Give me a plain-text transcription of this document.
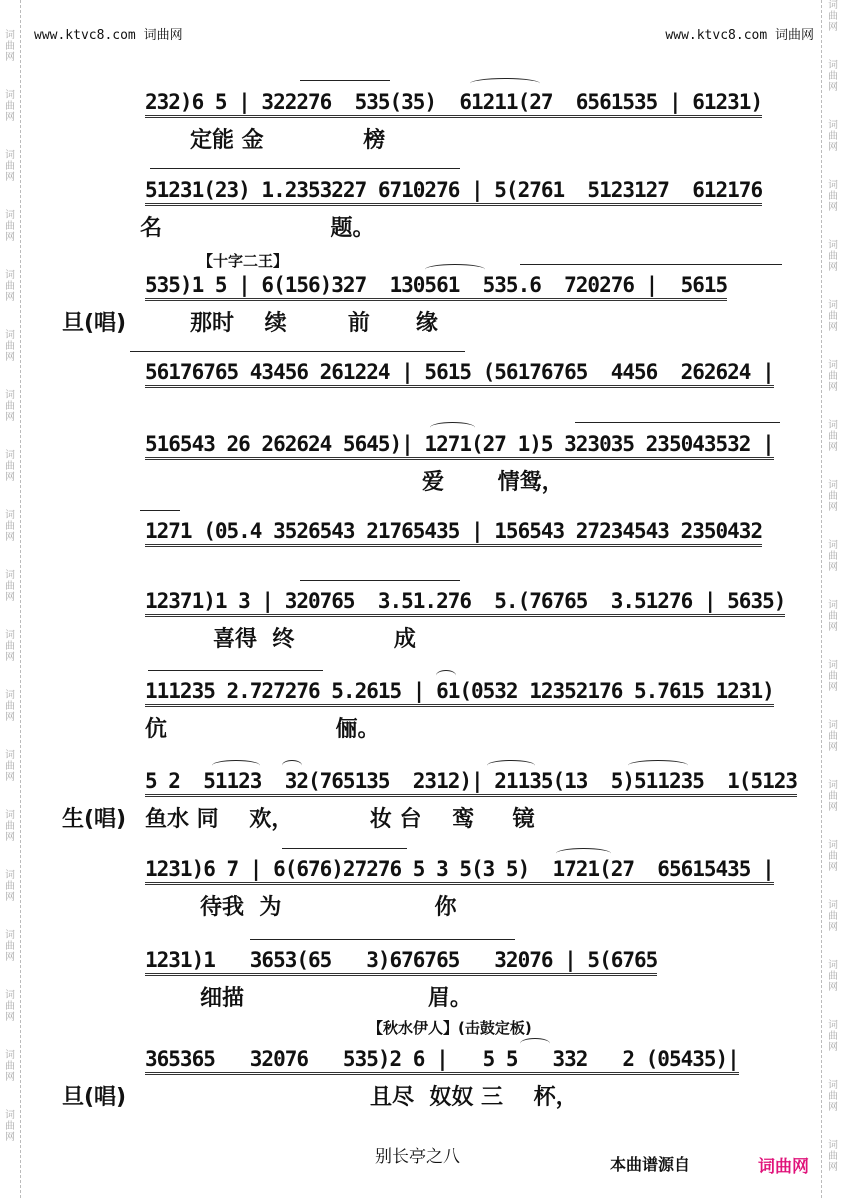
词曲网
词曲网
词曲网
词曲网
词曲网
词曲网
词曲网
词曲网
词曲网
词曲网
词曲网
词曲网
词曲网
词曲网
词曲网
词曲网
词曲网
词曲网
词曲网
词曲网
词曲网
词曲网
词曲网
词曲网
词曲网
词曲网
词曲网
词曲网
词曲网
词曲网
词曲网
词曲网
词曲网
词曲网
词曲网
词曲网
词曲网
词曲网
词曲网
www.ktvc8.com 词曲网	www.ktvc8.com 词曲网
232)6 5 | 322276  535(35)  61211(27  6561535 | 61231)
定能 金             榜
51231(23) 1.2353227 6710276 | 5(2761  5123127  612176
名                      题。
【十字二王】
535)1 5 | 6(156)327  130561  535.6  720276 |  5615
旦(唱)	那时    续        前      缘
56176765 43456 261224 | 5615 (56176765  4456  262624 |
516543 26 262624 5645)| 1271(27 1)5 323035 235043532 |
爱       情鸳，
1271 (05.4 3526543 21765435 | 156543 27234543 2350432
12371)1 3 | 320765  3.51.276  5.(76765  3.51276 | 5635)
喜得  终             成
111235 2.727276 5.2615 | 61(0532 12352176 5.7615 1231)
伉                      俪。
5 2  51123  32(765135  2312)| 21135(13  5)511235  1(5123
生(唱) 鱼水 同    欢，          妆 台    鸾     镜
1231)6 7 | 6(676)27276 5 3 5(3 5)  1721(27  65615435 |
待我  为                    你
1231)1   3653(65   3)676765   32076 | 5(6765
细描                        眉。
【秋水伊人】(击鼓定板)
365365   32076   535)2 6 |   5 5   332   2 (05435)|
旦(唱)	且尽  奴奴 三    杯，
别长亭之八	本曲谱源自	词曲网
